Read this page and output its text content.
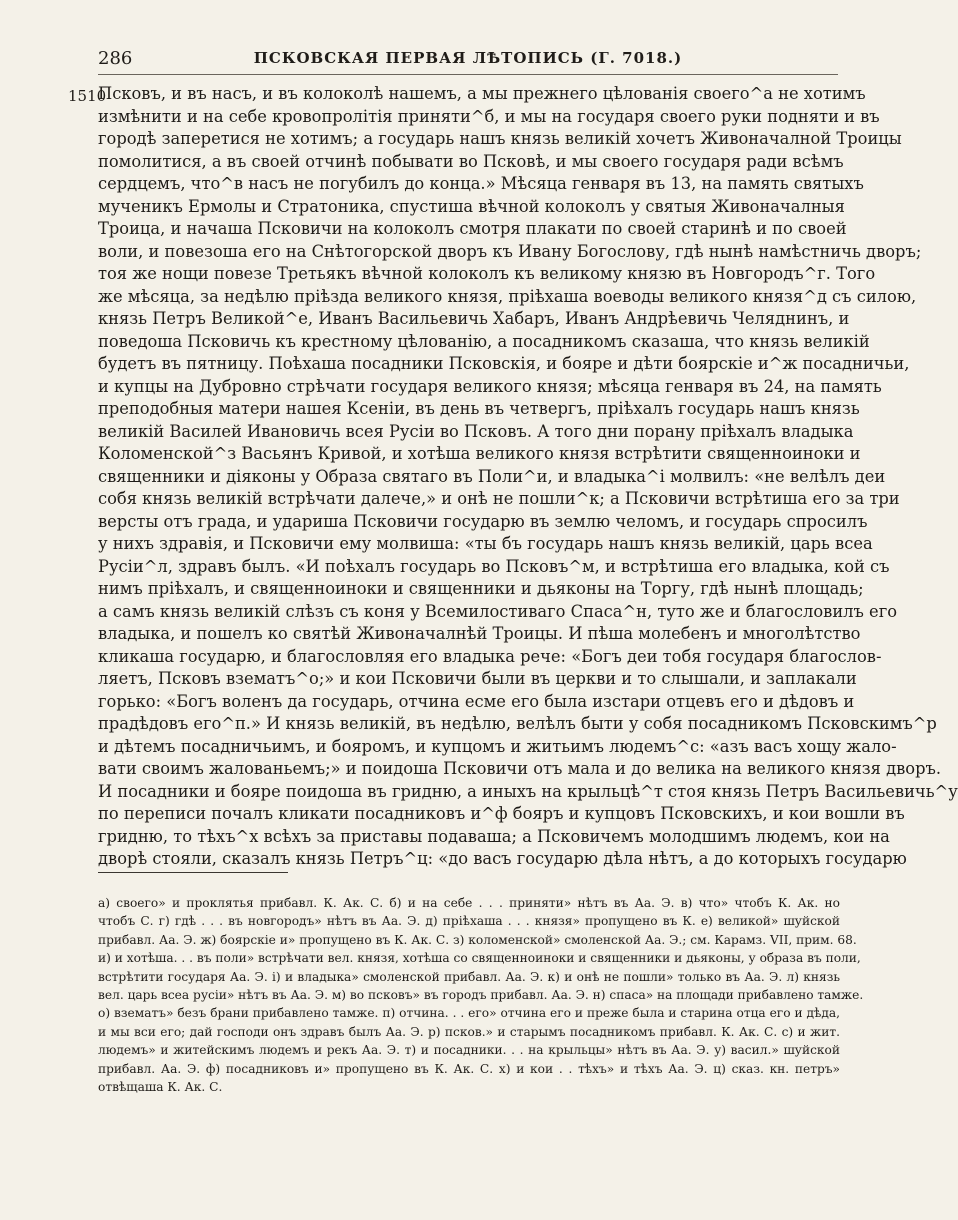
286	ПСКОВСКАЯ ПЕРВАЯ ЛѢТОПИСЬ (Г. 7018.)
1510
Псковъ, и въ насъ, и въ колоколѣ нашемъ, а мы прежнего цѣлованія своего^а не хотимъ
измѣнити и на себе кровопролітія приняти^б, и мы на государя своего руки подняти и въ
городѣ заперетися не хотимъ; а государь нашъ князь великій хочетъ Живоначалной Троицы
помолитися, а въ своей отчинѣ побывати во Псковѣ, и мы своего государя ради всѣмъ
сердцемъ, что^в насъ не погубилъ до конца.» Мѣсяца генваря въ 13, на память святыхъ
мученикъ Ермолы и Стратоника, спустиша вѣчной колоколъ у святыя Живоначалныя
Троица, и начаша Псковичи на колоколъ смотря плакати по своей старинѣ и по своей
воли, и повезоша его на Снѣтогорской дворъ къ Ивану Богослову, гдѣ нынѣ намѣстничь дворъ;
тоя же нощи повезе Третьякъ вѣчной колоколъ къ великому князю въ Новгородъ^г. Того
же мѣсяца, за недѣлю пріѣзда великого князя, пріѣхаша воеводы великого князя^д съ силою,
князь Петръ Великой^е, Иванъ Васильевичь Хабаръ, Иванъ Андрѣевичь Челяднинъ, и
поведоша Псковичь къ крестному цѣлованію, а посадникомъ сказаша, что князь великій
будетъ въ пятницу. Поѣхаша посадники Псковскія, и бояре и дѣти боярскіе и^ж посадничьи,
и купцы на Дубровно стрѣчати государя великого князя; мѣсяца генваря въ 24, на память
преподобныя матери нашея Ксеніи, въ день въ четвергъ, пріѣхалъ государь нашъ князь
великій Василей Ивановичь всея Русіи во Псковъ. А того дни порану пріѣхалъ владыка
Коломенской^з Васьянъ Кривой, и хотѣша великого князя встрѣтити священноиноки и
священники и діяконы у Образа святаго въ Поли^и, и владыка^і молвилъ: «не велѣлъ деи
собя князь великій встрѣчати далече,» и онѣ не пошли^к; а Псковичи встрѣтиша его за три
версты отъ града, и удариша Псковичи государю въ землю челомъ, и государь спросилъ
у нихъ здравія, и Псковичи ему молвиша: «ты бъ государь нашъ князь великій, царь всеа
Русіи^л, здравъ былъ. «И поѣхалъ государь во Псковъ^м, и встрѣтиша его владыка, кой съ
нимъ пріѣхалъ, и священноиноки и священники и дьяконы на Торгу, гдѣ нынѣ площадь;
а самъ князь великій слѣзъ съ коня у Всемилостиваго Спаса^н, туто же и благословилъ его
владыка, и пошелъ ко святѣй Живоначалнѣй Троицы. И пѣша молебенъ и многолѣтство
кликаша государю, и благословляя его владыка рече: «Богъ деи тобя государя благослов-
ляетъ, Псковъ взематъ^о;» и кои Псковичи были въ церкви и то слышали, и заплакали
горько: «Богъ воленъ да государь, отчина есме его была изстари отцевъ его и дѣдовъ и
прадѣдовъ его^п.» И князь великій, въ недѣлю, велѣлъ быти у собя посадникомъ Псковскимъ^р
и дѣтемъ посадничьимъ, и бояромъ, и купцомъ и житьимъ людемъ^с: «азъ васъ хощу жало-
вати своимъ жалованьемъ;» и поидоша Псковичи отъ мала и до велика на великого князя дворъ.
И посадники и бояре поидоша въ гридню, а иныхъ на крыльцѣ^т стоя князь Петръ Васильевичь^у
по переписи почалъ кликати посадниковъ и^ф бояръ и купцовъ Псковскихъ, и кои вошли въ
гридню, то тѣхъ^х всѣхъ за приставы подаваша; а Псковичемъ молодшимъ людемъ, кои на
дворѣ стояли, сказалъ князь Петръ^ц: «до васъ государю дѣла нѣтъ, а до которыхъ государю
а) своего» и проклятья прибавл. К. Ак. С. б) и на себе . . . приняти» нѣтъ въ Аа. Э. в) что» чтобъ К. Ак. но
чтобъ С. г) гдѣ . . . въ новгородъ» нѣтъ въ Аа. Э. д) пріѣхаша . . . князя» пропущено въ К. е) великой» шуйской
прибавл. Аа. Э. ж) боярскіе и» пропущено въ К. Ак. С. з) коломенской» смоленской Аа. Э.; см. Карамз. VII, прим. 68.
и) и хотѣша. . . въ поли» встрѣчати вел. князя, хотѣша со священноиноки и священники и дьяконы, у образа въ поли,
встрѣтити государя Аа. Э. і) и владыка» смоленской прибавл. Аа. Э. к) и онѣ не пошли» только въ Аа. Э. л) князь
вел. царь всеа русіи» нѣтъ въ Аа. Э. м) во псковъ» въ городъ прибавл. Аа. Э. н) спаса» на площади прибавлено тамже.
о) взематъ» безъ брани прибавлено тамже. п) отчина. . . его» отчина его и преже была и старина отца его и дѣда,
и мы вси его; дай господи онъ здравъ былъ Аа. Э. р) псков.» и старымъ посадникомъ прибавл. К. Ак. С. с) и жит.
людемъ» и житейскимъ людемъ и рекъ Аа. Э. т) и посадники. . . на крыльцы» нѣтъ въ Аа. Э. у) васил.» шуйской
прибавл. Аа. Э. ф) посадниковъ и» пропущено въ К. Ак. С. х) и кои . . тѣхъ» и тѣхъ Аа. Э. ц) сказ. кн. петръ»
отвѣщаша К. Ак. С.
